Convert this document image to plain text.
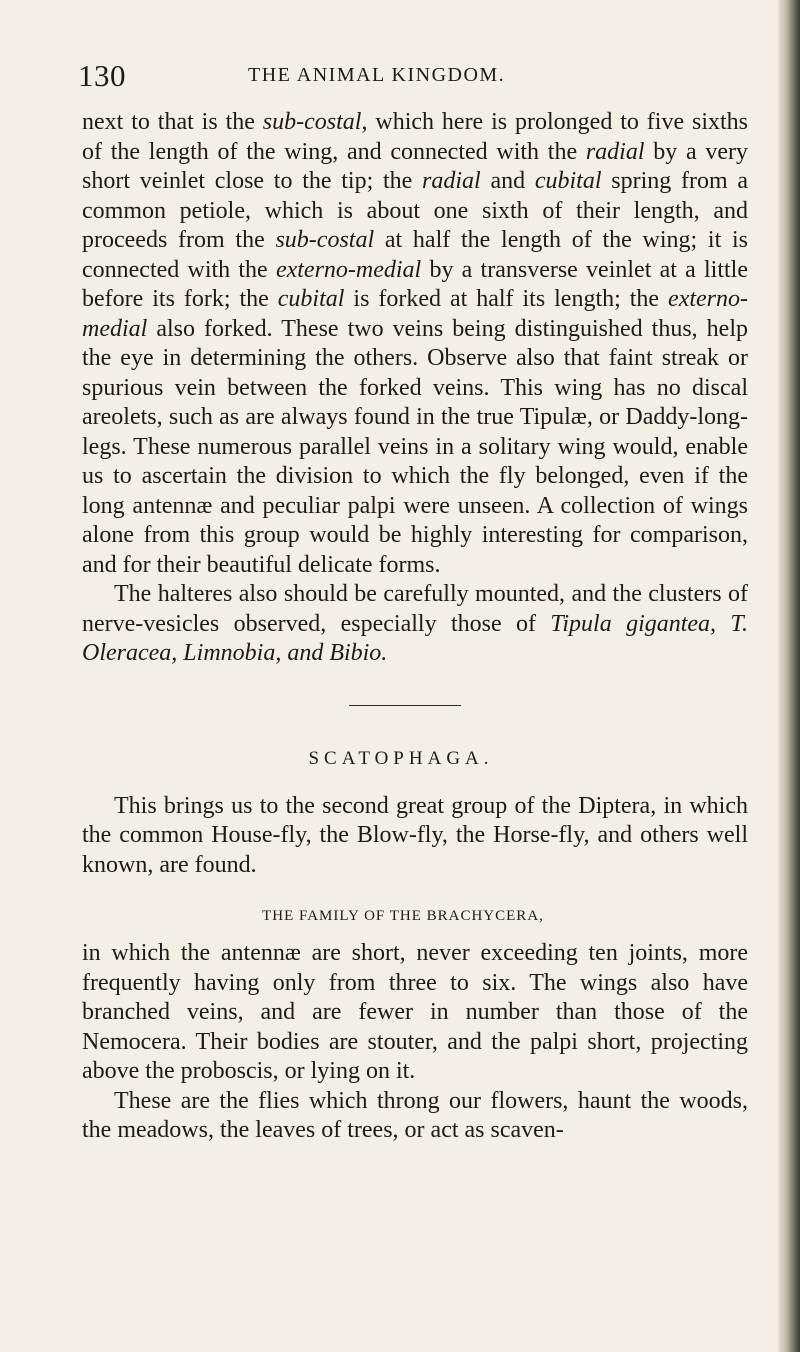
130	THE ANIMAL KINGDOM.

next to that is the sub-costal, which here is prolonged to five sixths of the length of the wing, and connected with the radial by a very short veinlet close to the tip; the radial and cubital spring from a common petiole, which is about one sixth of their length, and proceeds from the sub-costal at half the length of the wing; it is connected with the externo-medial by a transverse veinlet at a little before its fork; the cubital is forked at half its length; the externo-medial also forked. These two veins being distinguished thus, help the eye in determining the others. Observe also that faint streak or spurious vein between the forked veins. This wing has no discal areolets, such as are always found in the true Tipulæ, or Daddy-long-legs. These numerous parallel veins in a solitary wing would, enable us to ascertain the division to which the fly belonged, even if the long antennæ and peculiar palpi were unseen. A collection of wings alone from this group would be highly interesting for comparison, and for their beautiful delicate forms.

The halteres also should be carefully mounted, and the clusters of nerve-vesicles observed, especially those of Tipula gigantea, T. Oleracea, Limnobia, and Bibio.

SCATOPHAGA.

This brings us to the second great group of the Diptera, in which the common House-fly, the Blow-fly, the Horse-fly, and others well known, are found.

THE FAMILY OF THE BRACHYCERA,

in which the antennæ are short, never exceeding ten joints, more frequently having only from three to six. The wings also have branched veins, and are fewer in number than those of the Nemocera. Their bodies are stouter, and the palpi short, projecting above the proboscis, or lying on it.

These are the flies which throng our flowers, haunt the woods, the meadows, the leaves of trees, or act as scaven-
